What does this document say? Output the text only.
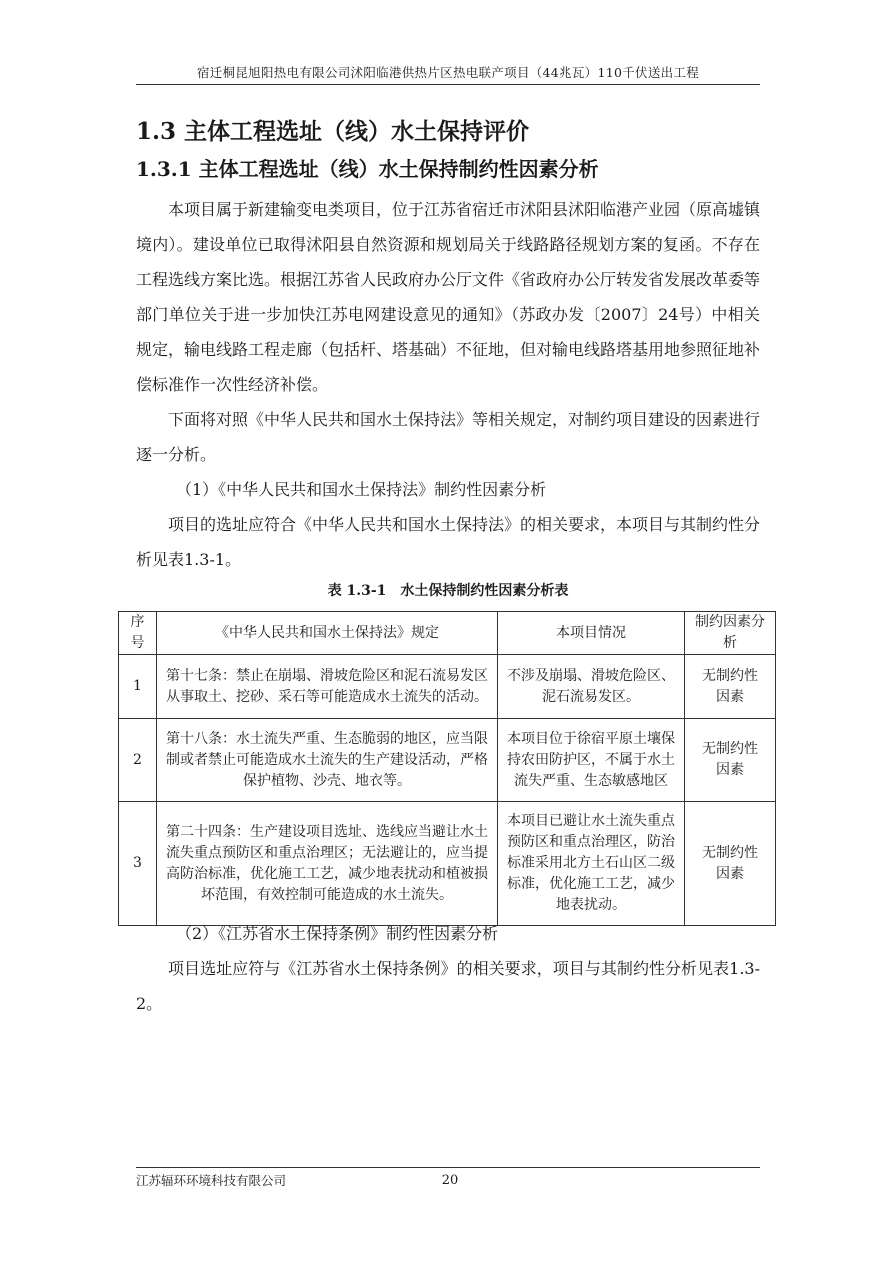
宿迁桐昆旭阳热电有限公司沭阳临港供热片区热电联产项目（44兆瓦）110千伏送出工程
1.3 主体工程选址（线）水土保持评价
1.3.1 主体工程选址（线）水土保持制约性因素分析

本项目属于新建输变电类项目，位于江苏省宿迁市沭阳县沭阳临港产业园（原高墟镇境内）。建设单位已取得沭阳县自然资源和规划局关于线路路径规划方案的复函。不存在工程选线方案比选。根据江苏省人民政府办公厅文件《省政府办公厅转发省发展改革委等部门单位关于进一步加快江苏电网建设意见的通知》（苏政办发〔2007〕24号）中相关规定，输电线路工程走廊（包括杆、塔基础）不征地，但对输电线路塔基用地参照征地补偿标准作一次性经济补偿。

下面将对照《中华人民共和国水土保持法》等相关规定，对制约项目建设的因素进行逐一分析。

（1）《中华人民共和国水土保持法》制约性因素分析

项目的选址应符合《中华人民共和国水土保持法》的相关要求，本项目与其制约性分析见表1.3-1。

表 1.3-1　水土保持制约性因素分析表
序号	《中华人民共和国水土保持法》规定	本项目情况	制约因素分析
1	第十七条：禁止在崩塌、滑坡危险区和泥石流易发区从事取土、挖砂、采石等可能造成水土流失的活动。	不涉及崩塌、滑坡危险区、泥石流易发区。	无制约性因素
2	第十八条：水土流失严重、生态脆弱的地区，应当限制或者禁止可能造成水土流失的生产建设活动，严格保护植物、沙壳、地衣等。	本项目位于徐宿平原土壤保持农田防护区，不属于水土流失严重、生态敏感地区	无制约性因素
3	第二十四条：生产建设项目选址、选线应当避让水土流失重点预防区和重点治理区；无法避让的，应当提高防治标准，优化施工工艺，减少地表扰动和植被损坏范围，有效控制可能造成的水土流失。	本项目已避让水土流失重点预防区和重点治理区，防治标准采用北方土石山区二级标准，优化施工工艺，减少地表扰动。	无制约性因素

（2）《江苏省水土保持条例》制约性因素分析

项目选址应符与《江苏省水土保持条例》的相关要求，项目与其制约性分析见表1.3-2。

江苏辐环环境科技有限公司	20
